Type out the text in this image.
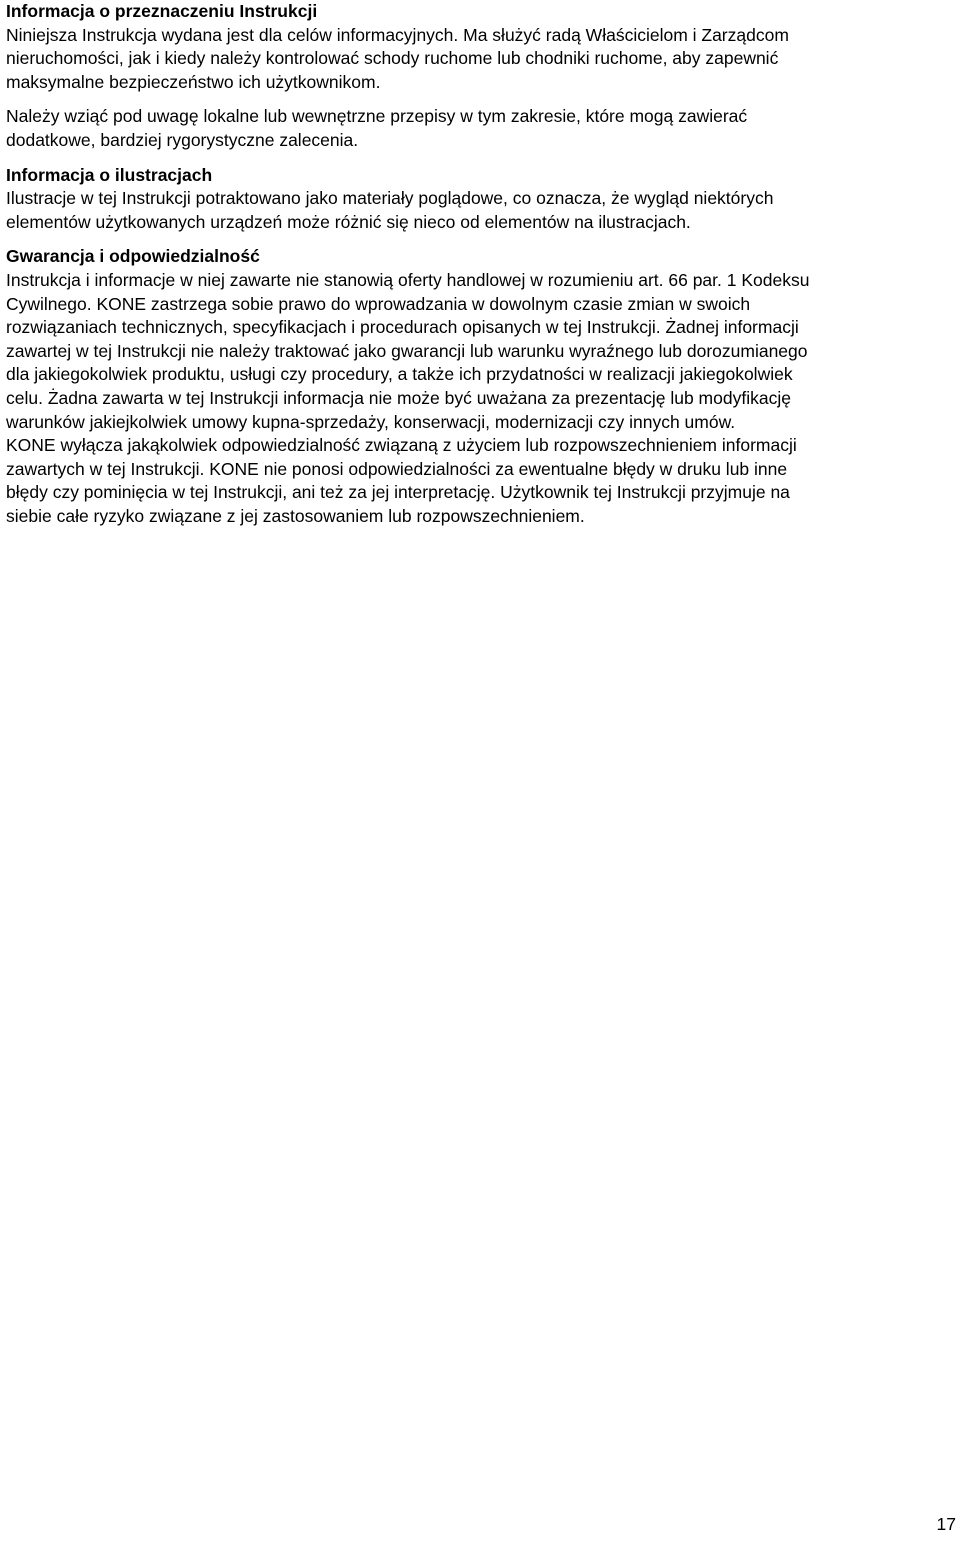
Informacja o przeznaczeniu Instrukcji

Niniejsza Instrukcja wydana jest dla celów informacyjnych. Ma służyć radą Właścicielom i Zarządcom
nieruchomości, jak i kiedy należy kontrolować schody ruchome lub chodniki ruchome, aby zapewnić
maksymalne bezpieczeństwo ich użytkownikom.

Należy wziąć pod uwagę lokalne lub wewnętrzne przepisy w tym zakresie, które mogą zawierać
dodatkowe, bardziej rygorystyczne zalecenia.

Informacja o ilustracjach

Ilustracje w tej Instrukcji potraktowano jako materiały poglądowe, co oznacza, że wygląd niektórych
elementów użytkowanych urządzeń może różnić się nieco od elementów na ilustracjach.

Gwarancja i odpowiedzialność

Instrukcja i informacje w niej zawarte nie stanowią oferty handlowej w rozumieniu art. 66 par. 1 Kodeksu
Cywilnego. KONE zastrzega sobie prawo do wprowadzania w dowolnym czasie zmian w swoich
rozwiązaniach technicznych, specyfikacjach i procedurach opisanych w tej Instrukcji. Żadnej informacji
zawartej w tej Instrukcji nie należy traktować jako gwarancji lub warunku wyraźnego lub dorozumianego
dla jakiegokolwiek produktu, usługi czy procedury, a także ich przydatności w realizacji jakiegokolwiek
celu. Żadna zawarta w tej Instrukcji informacja nie może być uważana za prezentację lub modyfikację
warunków jakiejkolwiek umowy kupna-sprzedaży, konserwacji, modernizacji czy innych umów.
KONE wyłącza jakąkolwiek odpowiedzialność związaną z użyciem lub rozpowszechnieniem informacji
zawartych w tej Instrukcji. KONE nie ponosi odpowiedzialności za ewentualne błędy w druku lub inne
błędy czy pominięcia w tej Instrukcji, ani też za jej interpretację. Użytkownik tej Instrukcji przyjmuje na
siebie całe ryzyko związane z jej zastosowaniem lub rozpowszechnieniem.

17
